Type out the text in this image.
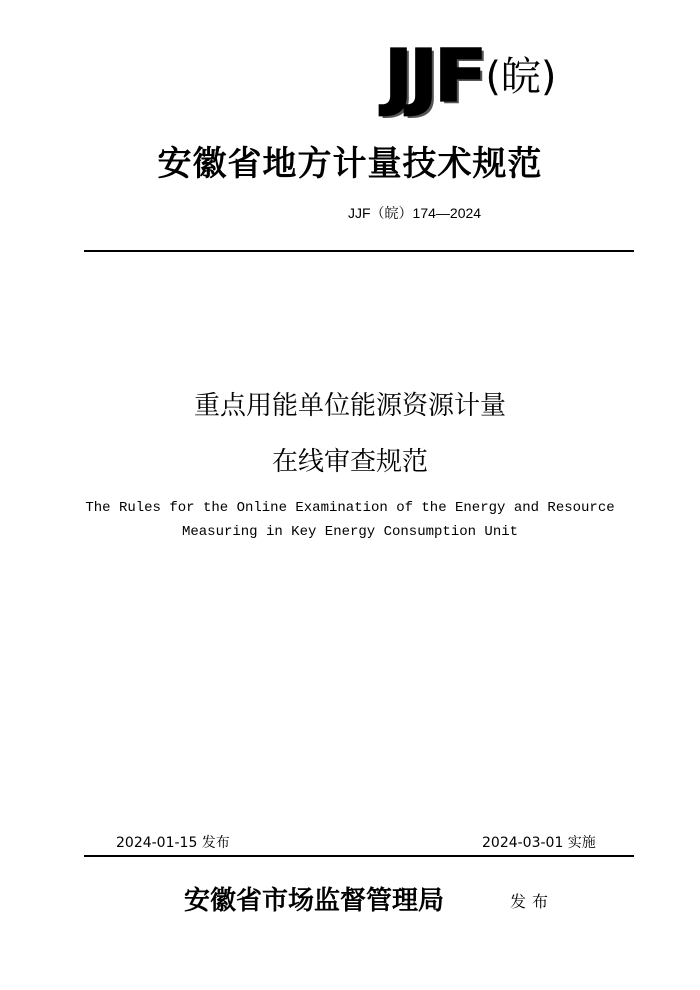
JJF (皖)
安徽省地方计量技术规范
JJF（皖）174—2024
重点用能单位能源资源计量
在线审查规范
The Rules for the Online Examination of the Energy and Resource
Measuring in Key Energy Consumption Unit
2024-01-15 发布	2024-03-01 实施
安徽省市场监督管理局	发布
